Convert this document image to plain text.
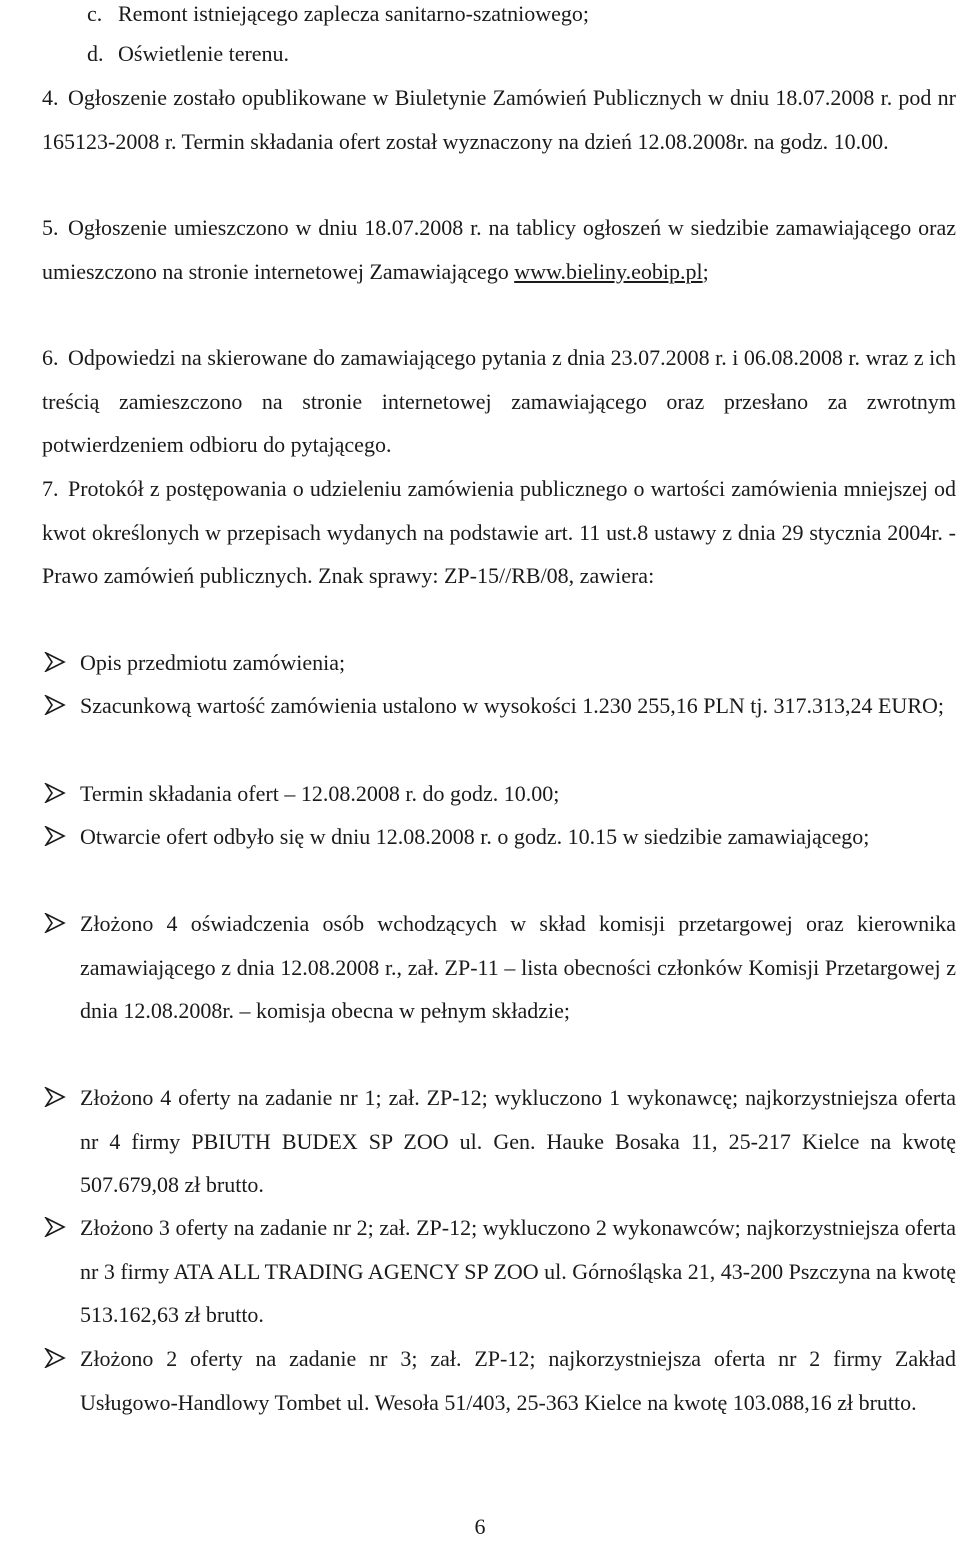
c. Remont istniejącego zaplecza sanitarno-szatniowego;
d. Oświetlenie terenu.

4. Ogłoszenie zostało opublikowane w Biuletynie Zamówień Publicznych w dniu 18.07.2008 r. pod nr 165123-2008 r. Termin składania ofert został wyznaczony na dzień 12.08.2008r. na godz. 10.00.

5. Ogłoszenie umieszczono w dniu 18.07.2008 r. na tablicy ogłoszeń w siedzibie zamawiającego oraz umieszczono na stronie internetowej Zamawiającego www.bieliny.eobip.pl;

6. Odpowiedzi na skierowane do zamawiającego pytania z dnia 23.07.2008 r. i 06.08.2008 r. wraz z ich treścią zamieszczono na stronie internetowej zamawiającego oraz przesłano za zwrotnym potwierdzeniem odbioru do pytającego.

7. Protokół z postępowania o udzieleniu zamówienia publicznego o wartości zamówienia mniejszej od kwot określonych w przepisach wydanych na podstawie art. 11 ust.8 ustawy z dnia 29 stycznia 2004r. - Prawo zamówień publicznych. Znak sprawy: ZP-15//RB/08, zawiera:

Opis przedmiotu zamówienia;

Szacunkową wartość zamówienia ustalono w wysokości 1.230 255,16 PLN tj. 317.313,24 EURO;

Termin składania ofert – 12.08.2008 r. do godz. 10.00;

Otwarcie ofert odbyło się w dniu 12.08.2008 r. o godz. 10.15 w siedzibie zamawiającego;

Złożono 4 oświadczenia osób wchodzących w skład komisji przetargowej oraz kierownika zamawiającego z dnia 12.08.2008 r., zał. ZP-11 – lista obecności członków Komisji Przetargowej z dnia 12.08.2008r. – komisja obecna w pełnym składzie;

Złożono 4 oferty na zadanie nr 1; zał. ZP-12; wykluczono 1 wykonawcę; najkorzystniejsza oferta nr 4 firmy PBIUTH BUDEX SP ZOO ul. Gen. Hauke Bosaka 11, 25-217 Kielce na kwotę 507.679,08 zł brutto.

Złożono 3 oferty na zadanie nr 2; zał. ZP-12; wykluczono 2 wykonawców; najkorzystniejsza oferta nr 3 firmy ATA ALL TRADING AGENCY SP ZOO ul. Górnośląska 21, 43-200 Pszczyna na kwotę 513.162,63 zł brutto.

Złożono 2 oferty na zadanie nr 3; zał. ZP-12; najkorzystniejsza oferta nr 2 firmy Zakład Usługowo-Handlowy Tombet ul. Wesoła 51/403, 25-363 Kielce na kwotę 103.088,16 zł brutto.

6
